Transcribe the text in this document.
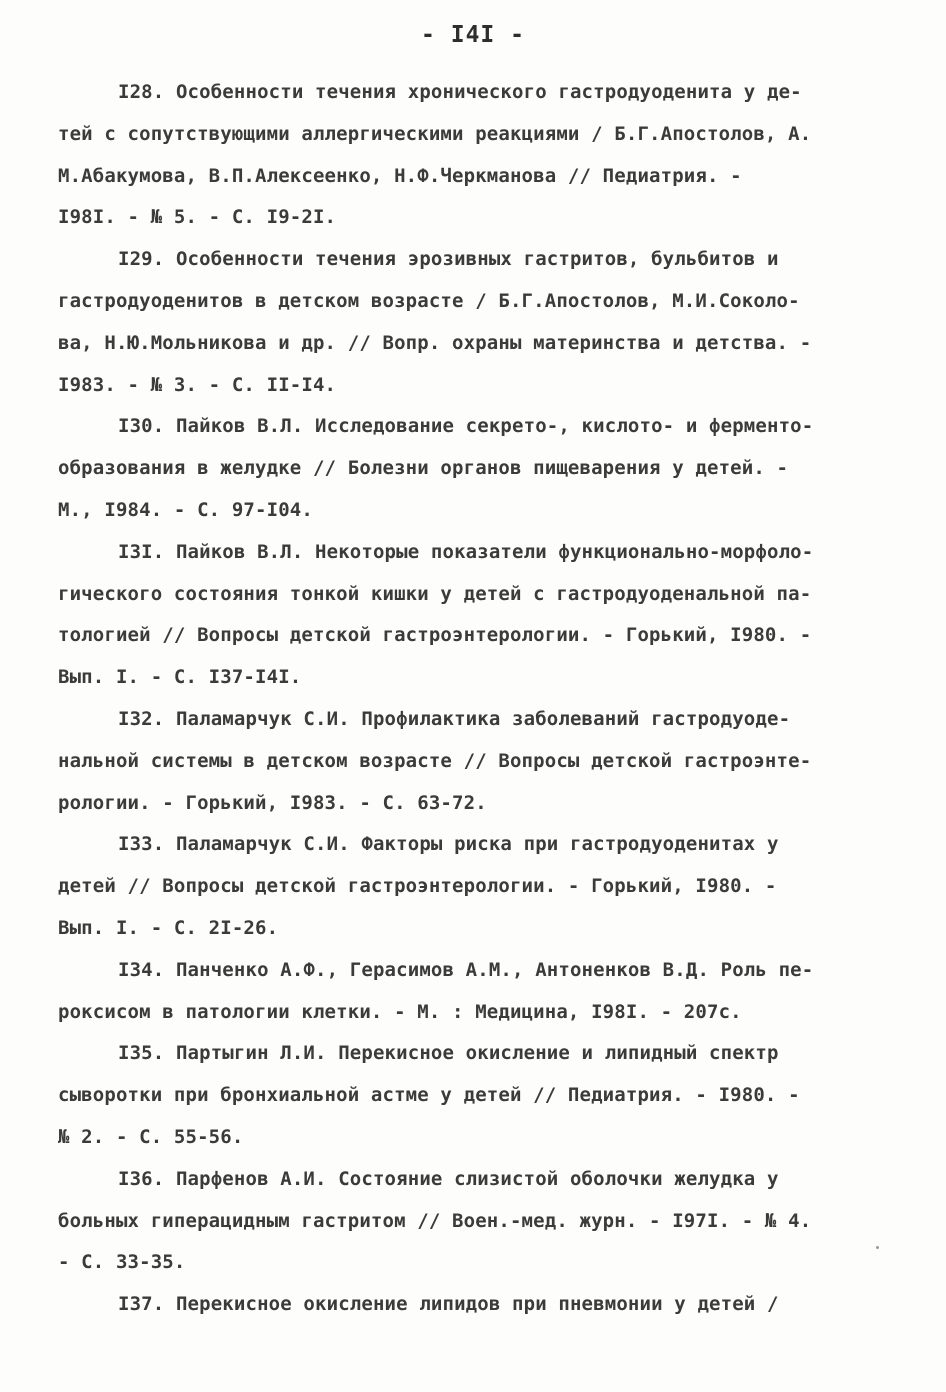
- I4I -
I28. Особенности течения хронического гастродуоденита у де-
тей с сопутствующими аллергическими реакциями / Б.Г.Апостолов, А.
М.Абакумова, В.П.Алексеенко, Н.Ф.Черкманова // Педиатрия. -
I98I. - № 5. - С. I9-2I.
I29. Особенности течения эрозивных гастритов, бульбитов и
гастродуоденитов в детском возрасте / Б.Г.Апостолов, М.И.Соколо-
ва, Н.Ю.Мольникова и др. // Вопр. охраны материнства и детства. -
I983. - № 3. - С. II-I4.
I30. Пайков В.Л. Исследование секрето-, кислото- и ферменто-
образования в желудке // Болезни органов пищеварения у детей. -
М., I984. - С. 97-I04.
I3I. Пайков В.Л. Некоторые показатели функционально-морфоло-
гического состояния тонкой кишки у детей с гастродуоденальной па-
тологией // Вопросы детской гастроэнтерологии. - Горький, I980. -
Вып. I. - С. I37-I4I.
I32. Паламарчук С.И. Профилактика заболеваний гастродуоде-
нальной системы в детском возрасте // Вопросы детской гастроэнте-
рологии. - Горький, I983. - С. 63-72.
I33. Паламарчук С.И. Факторы риска при гастродуоденитах у
детей // Вопросы детской гастроэнтерологии. - Горький, I980. -
Вып. I. - С. 2I-26.
I34. Панченко А.Ф., Герасимов А.М., Антоненков В.Д. Роль пе-
роксисом в патологии клетки. - М. : Медицина, I98I. - 207с.
I35. Партыгин Л.И. Перекисное окисление и липидный спектр
сыворотки при бронхиальной астме у детей // Педиатрия. - I980. -
№ 2. - С. 55-56.
I36. Парфенов А.И. Состояние слизистой оболочки желудка у
больных гиперацидным гастритом // Воен.-мед. журн. - I97I. - № 4.
- С. 33-35.
I37. Перекисное окисление липидов при пневмонии у детей /
